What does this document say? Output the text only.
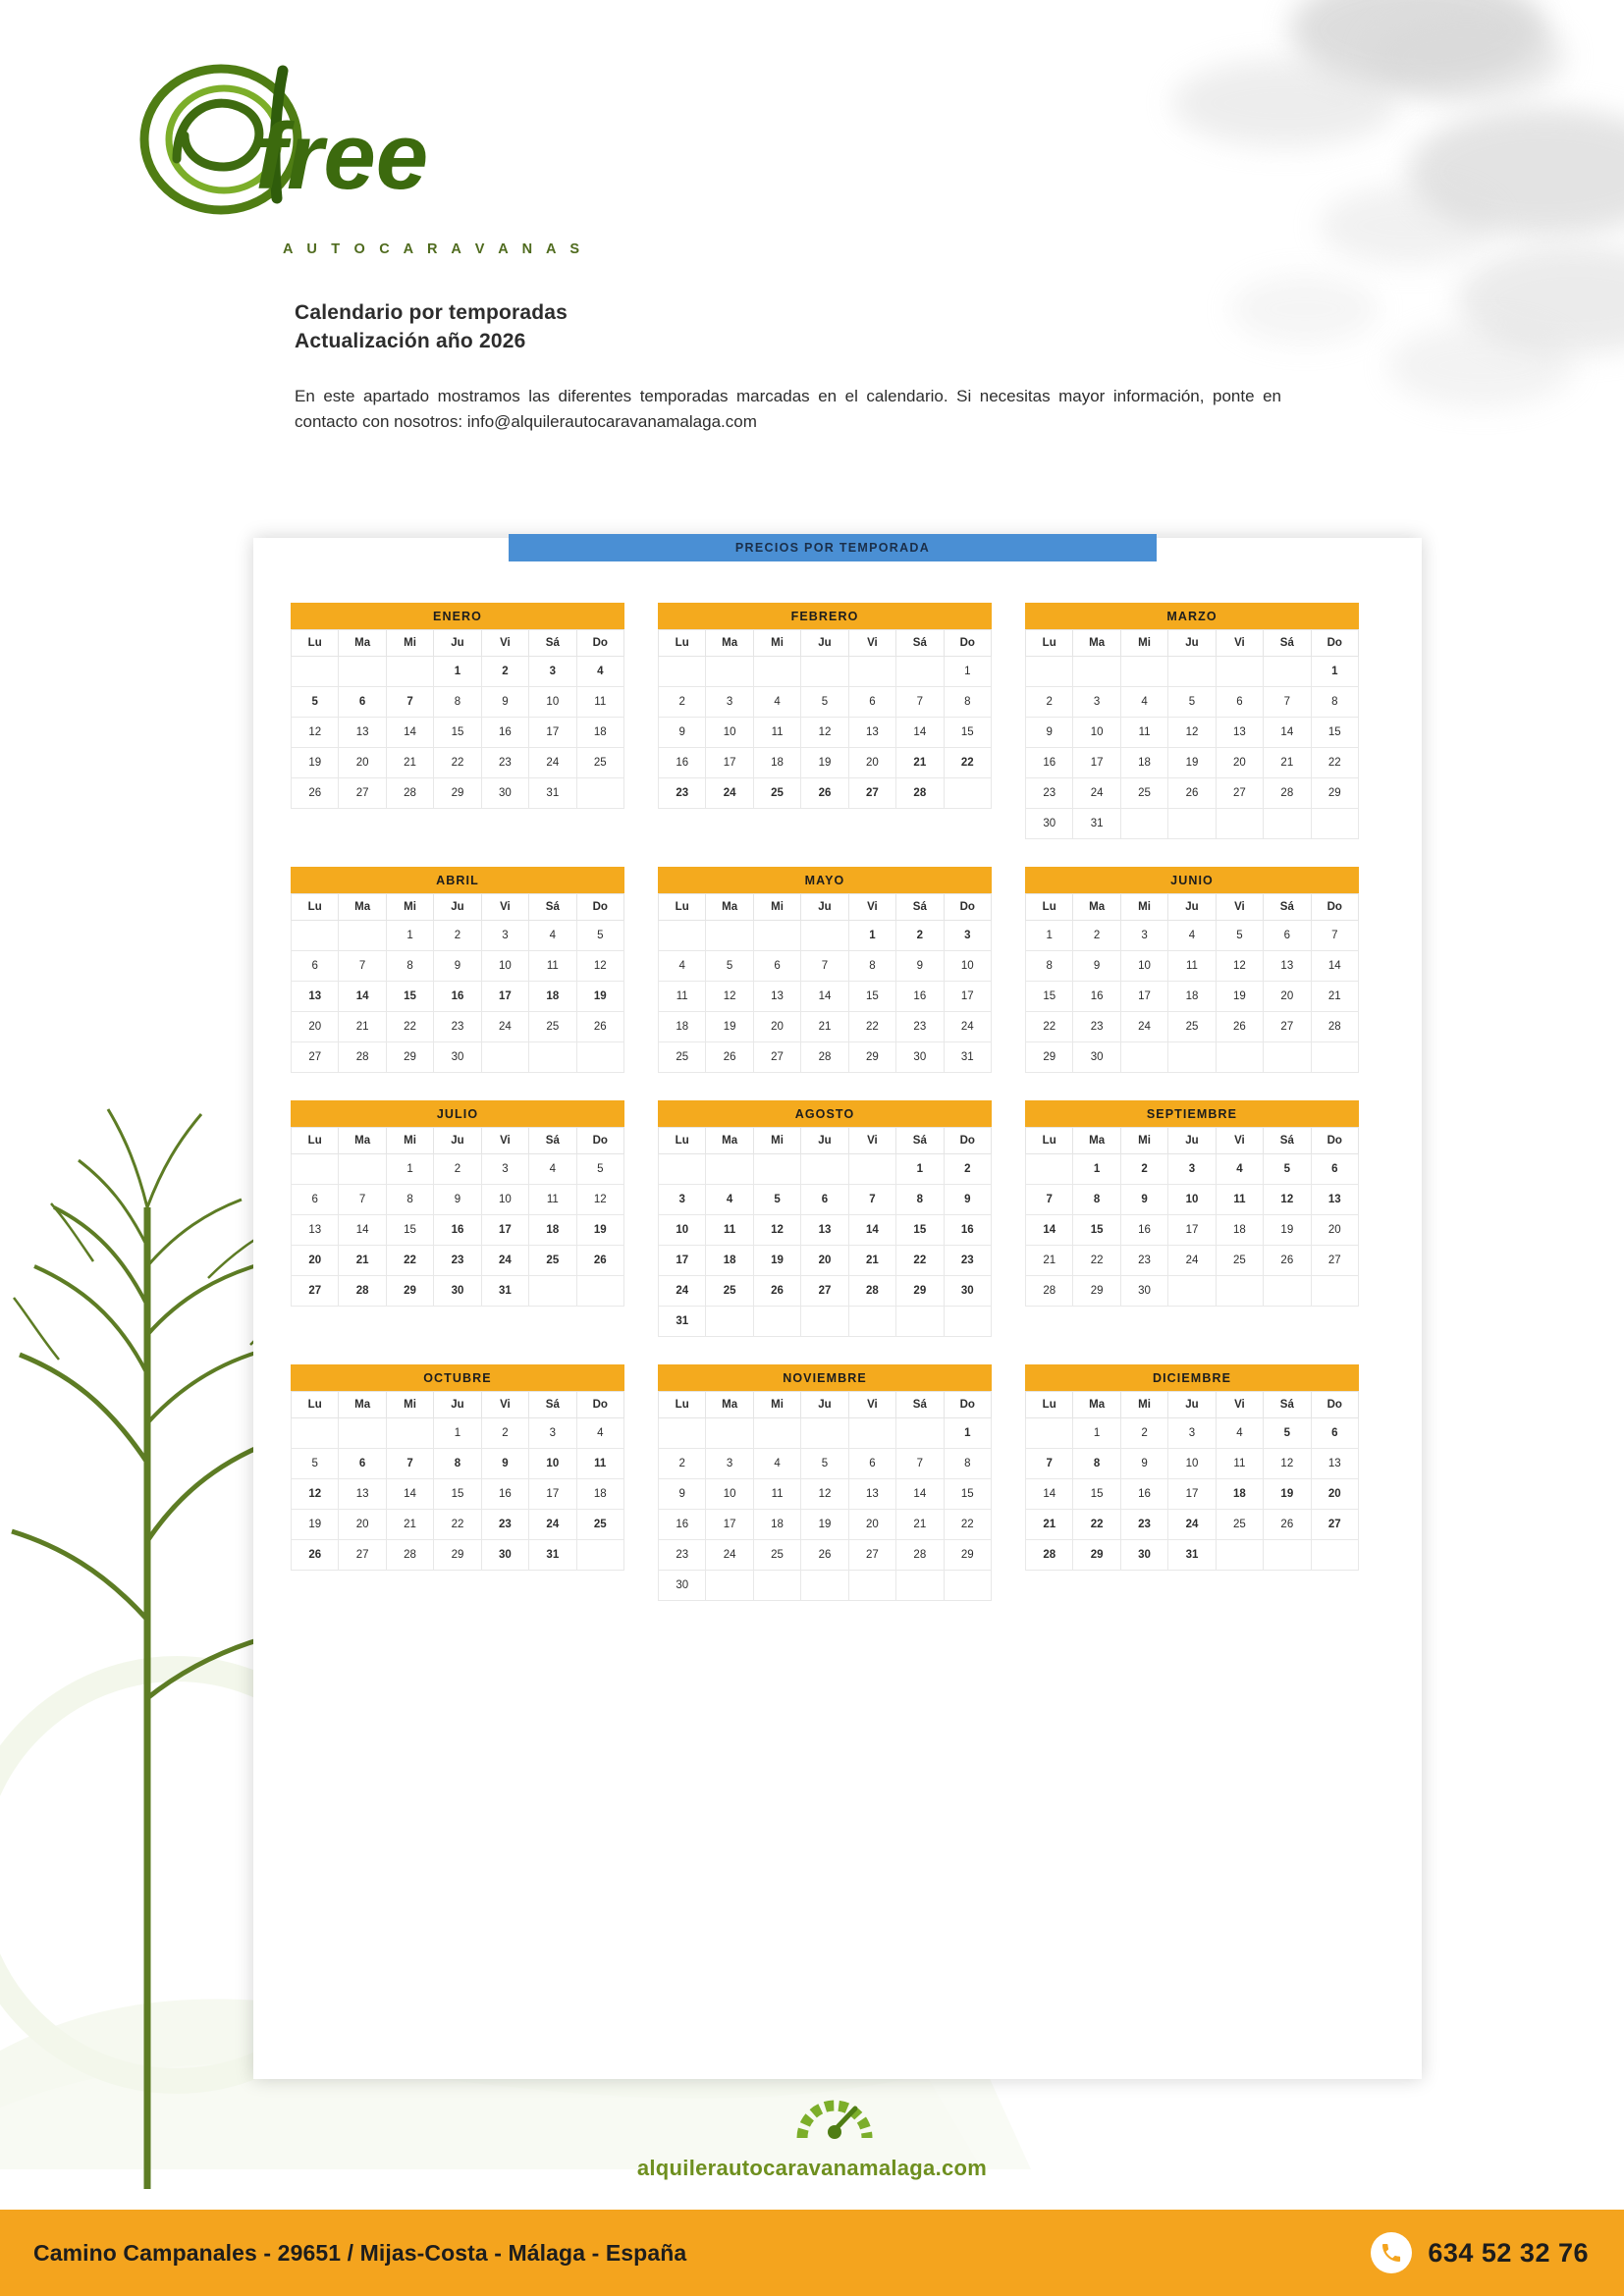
free
A U T O C A R A V A N A S
Calendario por temporadas
Actualización año 2026

En este apartado mostramos las diferentes temporadas marcadas en el calendario. Si necesitas mayor información, ponte en contacto con nosotros: info@alquilerautocaravanamalaga.com

PRECIOS POR TEMPORADA
ENERO
Lu	Ma	Mi	Ju	Vi	Sá	Do
			1	2	3	4
5	6	7	8	9	10	11
12	13	14	15	16	17	18
19	20	21	22	23	24	25
26	27	28	29	30	31	
FEBRERO
Lu	Ma	Mi	Ju	Vi	Sá	Do
						1
2	3	4	5	6	7	8
9	10	11	12	13	14	15
16	17	18	19	20	21	22
23	24	25	26	27	28	
MARZO
Lu	Ma	Mi	Ju	Vi	Sá	Do
						1
2	3	4	5	6	7	8
9	10	11	12	13	14	15
16	17	18	19	20	21	22
23	24	25	26	27	28	29
30	31					
ABRIL
Lu	Ma	Mi	Ju	Vi	Sá	Do
		1	2	3	4	5
6	7	8	9	10	11	12
13	14	15	16	17	18	19
20	21	22	23	24	25	26
27	28	29	30			
MAYO
Lu	Ma	Mi	Ju	Vi	Sá	Do
				1	2	3
4	5	6	7	8	9	10
11	12	13	14	15	16	17
18	19	20	21	22	23	24
25	26	27	28	29	30	31
JUNIO
Lu	Ma	Mi	Ju	Vi	Sá	Do
1	2	3	4	5	6	7
8	9	10	11	12	13	14
15	16	17	18	19	20	21
22	23	24	25	26	27	28
29	30					
JULIO
Lu	Ma	Mi	Ju	Vi	Sá	Do
		1	2	3	4	5
6	7	8	9	10	11	12
13	14	15	16	17	18	19
20	21	22	23	24	25	26
27	28	29	30	31		
AGOSTO
Lu	Ma	Mi	Ju	Vi	Sá	Do
					1	2
3	4	5	6	7	8	9
10	11	12	13	14	15	16
17	18	19	20	21	22	23
24	25	26	27	28	29	30
31						
SEPTIEMBRE
Lu	Ma	Mi	Ju	Vi	Sá	Do
	1	2	3	4	5	6
7	8	9	10	11	12	13
14	15	16	17	18	19	20
21	22	23	24	25	26	27
28	29	30				
OCTUBRE
Lu	Ma	Mi	Ju	Vi	Sá	Do
			1	2	3	4
5	6	7	8	9	10	11
12	13	14	15	16	17	18
19	20	21	22	23	24	25
26	27	28	29	30	31	
NOVIEMBRE
Lu	Ma	Mi	Ju	Vi	Sá	Do
						1
2	3	4	5	6	7	8
9	10	11	12	13	14	15
16	17	18	19	20	21	22
23	24	25	26	27	28	29
30						
DICIEMBRE
Lu	Ma	Mi	Ju	Vi	Sá	Do
	1	2	3	4	5	6
7	8	9	10	11	12	13
14	15	16	17	18	19	20
21	22	23	24	25	26	27
28	29	30	31			
alquilerautocaravanamalaga.com
Camino Campanales - 29651 / Mijas-Costa - Málaga - España	634 52 32 76
